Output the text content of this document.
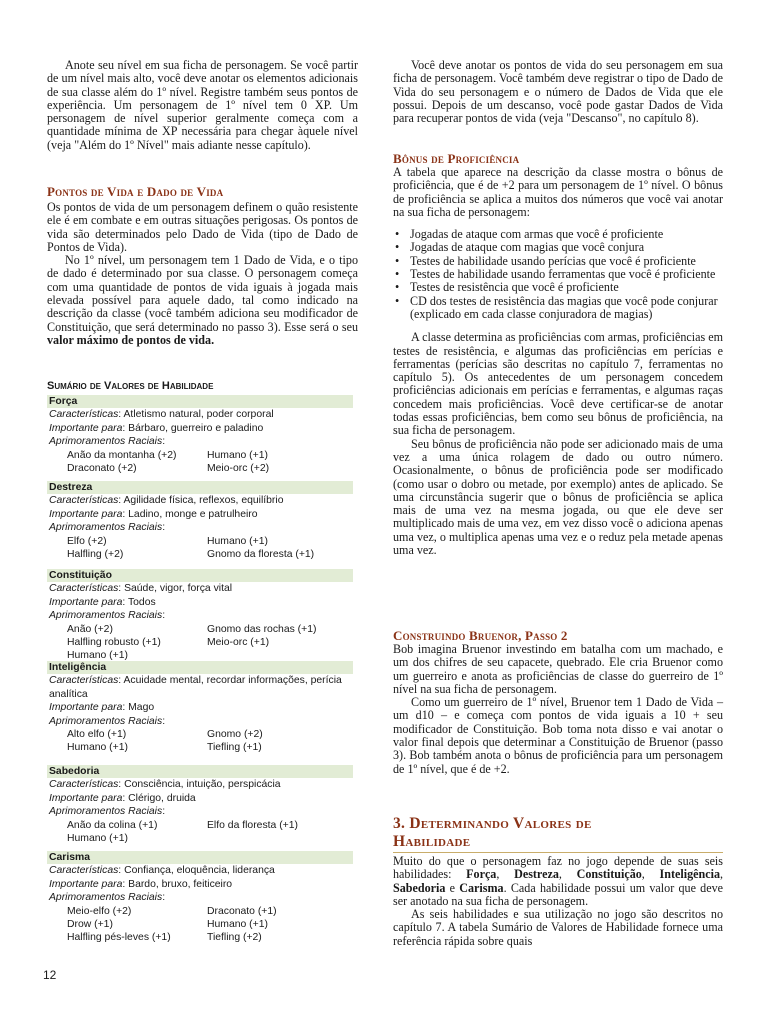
Anote seu nível em sua ficha de personagem. Se você partir de um nível mais alto, você deve anotar os elementos adicionais de sua classe além do 1º nível. Registre também seus pontos de experiência. Um personagem de 1º nível tem 0 XP. Um personagem de nível superior geralmente começa com a quantidade mínima de XP necessária para chegar àquele nível (veja "Além do 1º Nível" mais adiante nesse capítulo).

Pontos de Vida e Dado de Vida

Os pontos de vida de um personagem definem o quão resistente ele é em combate e em outras situações perigosas. Os pontos de vida são determinados pelo Dado de Vida (tipo de Dado de Pontos de Vida).

No 1º nível, um personagem tem 1 Dado de Vida, e o tipo de dado é determinado por sua classe. O personagem começa com uma quantidade de pontos de vida iguais à jogada mais elevada possível para aquele dado, tal como indicado na descrição da classe (você também adiciona seu modificador de Constituição, que será determinado no passo 3). Esse será o seu valor máximo de pontos de vida.

Sumário de Valores de Habilidade
Força
Características: Atletismo natural, poder corporal
Importante para: Bárbaro, guerreiro e paladino
Aprimoramentos Raciais:
Anão da montanha (+2)	Humano (+1)
Draconato (+2)	Meio-orc (+2)
Destreza
Características: Agilidade física, reflexos, equilíbrio
Importante para: Ladino, monge e patrulheiro
Aprimoramentos Raciais:
Elfo (+2)	Humano (+1)
Halfling (+2)	Gnomo da floresta (+1)
Constituição
Características: Saúde, vigor, força vital
Importante para: Todos
Aprimoramentos Raciais:
Anão (+2)	Gnomo das rochas (+1)
Halfling robusto (+1)	Meio-orc (+1)
Humano (+1)
Inteligência
Características: Acuidade mental, recordar informações, perícia
analítica
Importante para: Mago
Aprimoramentos Raciais:
Alto elfo (+1)	Gnomo (+2)
Humano (+1)	Tiefling (+1)
Sabedoria
Características: Consciência, intuição, perspicácia
Importante para: Clérigo, druida
Aprimoramentos Raciais:
Anão da colina (+1)	Elfo da floresta (+1)
Humano (+1)
Carisma
Características: Confiança, eloquência, liderança
Importante para: Bardo, bruxo, feiticeiro
Aprimoramentos Raciais:
Meio-elfo (+2)	Draconato (+1)
Drow (+1)	Humano (+1)
Halfling pés-leves (+1)	Tiefling (+2)

Você deve anotar os pontos de vida do seu personagem em sua ficha de personagem. Você também deve registrar o tipo de Dado de Vida do seu personagem e o número de Dados de Vida que ele possui. Depois de um descanso, você pode gastar Dados de Vida para recuperar pontos de vida (veja "Descanso", no capítulo 8).

Bônus de Proficiência

A tabela que aparece na descrição da classe mostra o bônus de proficiência, que é de +2 para um personagem de 1º nível. O bônus de proficiência se aplica a muitos dos números que você vai anotar na sua ficha de personagem:

• Jogadas de ataque com armas que você é proficiente
• Jogadas de ataque com magias que você conjura
• Testes de habilidade usando perícias que você é proficiente
• Testes de habilidade usando ferramentas que você é proficiente
• Testes de resistência que você é proficiente
• CD dos testes de resistência das magias que você pode conjurar (explicado em cada classe conjuradora de magias)

A classe determina as proficiências com armas, proficiências em testes de resistência, e algumas das proficiências em perícias e ferramentas (perícias são descritas no capítulo 7, ferramentas no capítulo 5). Os antecedentes de um personagem concedem proficiências adicionais em perícias e ferramentas, e algumas raças concedem mais proficiências. Você deve certificar-se de anotar todas essas proficiências, bem como seu bônus de proficiência, na sua ficha de personagem.

Seu bônus de proficiência não pode ser adicionado mais de uma vez a uma única rolagem de dado ou outro número. Ocasionalmente, o bônus de proficiência pode ser modificado (como usar o dobro ou metade, por exemplo) antes de aplicado. Se uma circunstância sugerir que o bônus de proficiência se aplica mais de uma vez na mesma jogada, ou que ele deve ser multiplicado mais de uma vez, em vez disso você o adiciona apenas uma vez, o multiplica apenas uma vez e o reduz pela metade apenas uma vez.

Construindo Bruenor, Passo 2

Bob imagina Bruenor investindo em batalha com um machado, e um dos chifres de seu capacete, quebrado. Ele cria Bruenor como um guerreiro e anota as proficiências de classe do guerreiro de 1º nível na sua ficha de personagem.

Como um guerreiro de 1º nível, Bruenor tem 1 Dado de Vida – um d10 – e começa com pontos de vida iguais a 10 + seu modificador de Constituição. Bob toma nota disso e vai anotar o valor final depois que determinar a Constituição de Bruenor (passo 3). Bob também anota o bônus de proficiência para um personagem de 1º nível, que é de +2.

3. Determinando Valores de
Habilidade

Muito do que o personagem faz no jogo depende de suas seis habilidades: Força, Destreza, Constituição, Inteligência, Sabedoria e Carisma. Cada habilidade possui um valor que deve ser anotado na sua ficha de personagem.

As seis habilidades e sua utilização no jogo são descritos no capítulo 7. A tabela Sumário de Valores de Habilidade fornece uma referência rápida sobre quais

12
